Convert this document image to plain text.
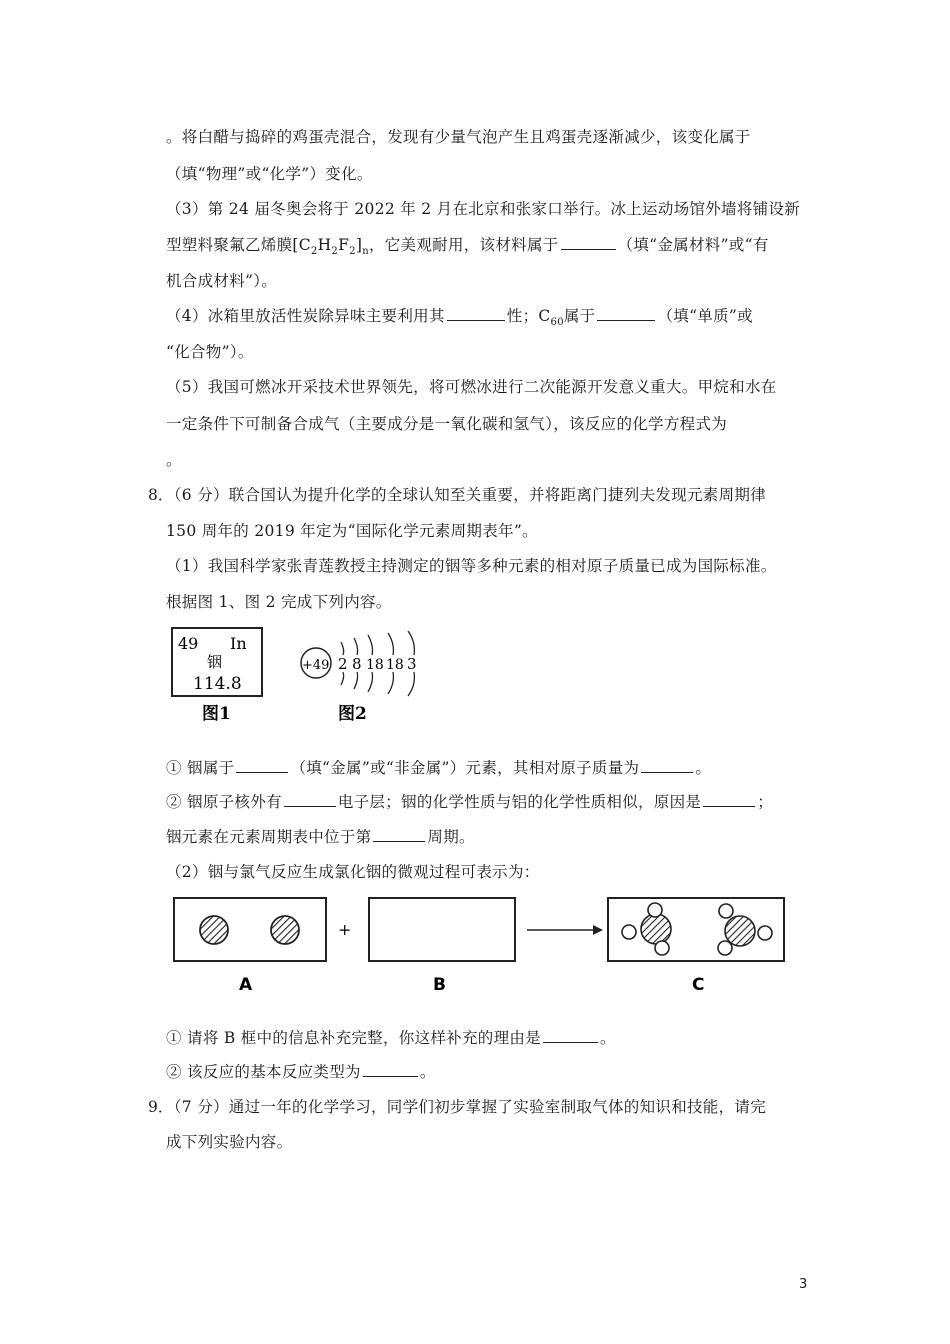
。将白醋与捣碎的鸡蛋壳混合，发现有少量气泡产生且鸡蛋壳逐渐减少，该变化属于
（填“物理”或“化学”）变化。
（3）第 24 届冬奥会将于 2022 年 2 月在北京和张家口举行。冰上运动场馆外墙将铺设新
型塑料聚氟乙烯膜$[C_2H_2F_2]_n$，它美观耐用，该材料属于	（填“金属材料”或“有
机合成材料”）。
（4）冰箱里放活性炭除异味主要利用其	性；$C_{60}$属于	（填“单质”或
“化合物”）。
（5）我国可燃冰开采技术世界领先，将可燃冰进行二次能源开发意义重大。甲烷和水在
一定条件下可制备合成气（主要成分是一氧化碳和氢气），该反应的化学方程式为
。
8．
（6 分）联合国认为提升化学的全球认知至关重要，并将距离门捷列夫发现元素周期律
150 周年的 2019 年定为“国际化学元素周期表年”。
（1）我国科学家张青莲教授主持测定的铟等多种元素的相对原子质量已成为国际标准。
根据图 1、图 2 完成下列内容。
49 In
铟
114.8
图1
+49 2 8 18 18 3
图2
① 铟属于	（填“金属”或“非金属”）元素，其相对原子质量为	。
② 铟原子核外有	电子层；铟的化学性质与铝的化学性质相似，原因是	；
铟元素在元素周期表中位于第	周期。
（2）铟与氯气反应生成氯化铟的微观过程可表示为：
+
A	B	C
① 请将 B 框中的信息补充完整，你这样补充的理由是	。
② 该反应的基本反应类型为	。
9．
（7 分）通过一年的化学学习，同学们初步掌握了实验室制取气体的知识和技能，请完
成下列实验内容。
3
